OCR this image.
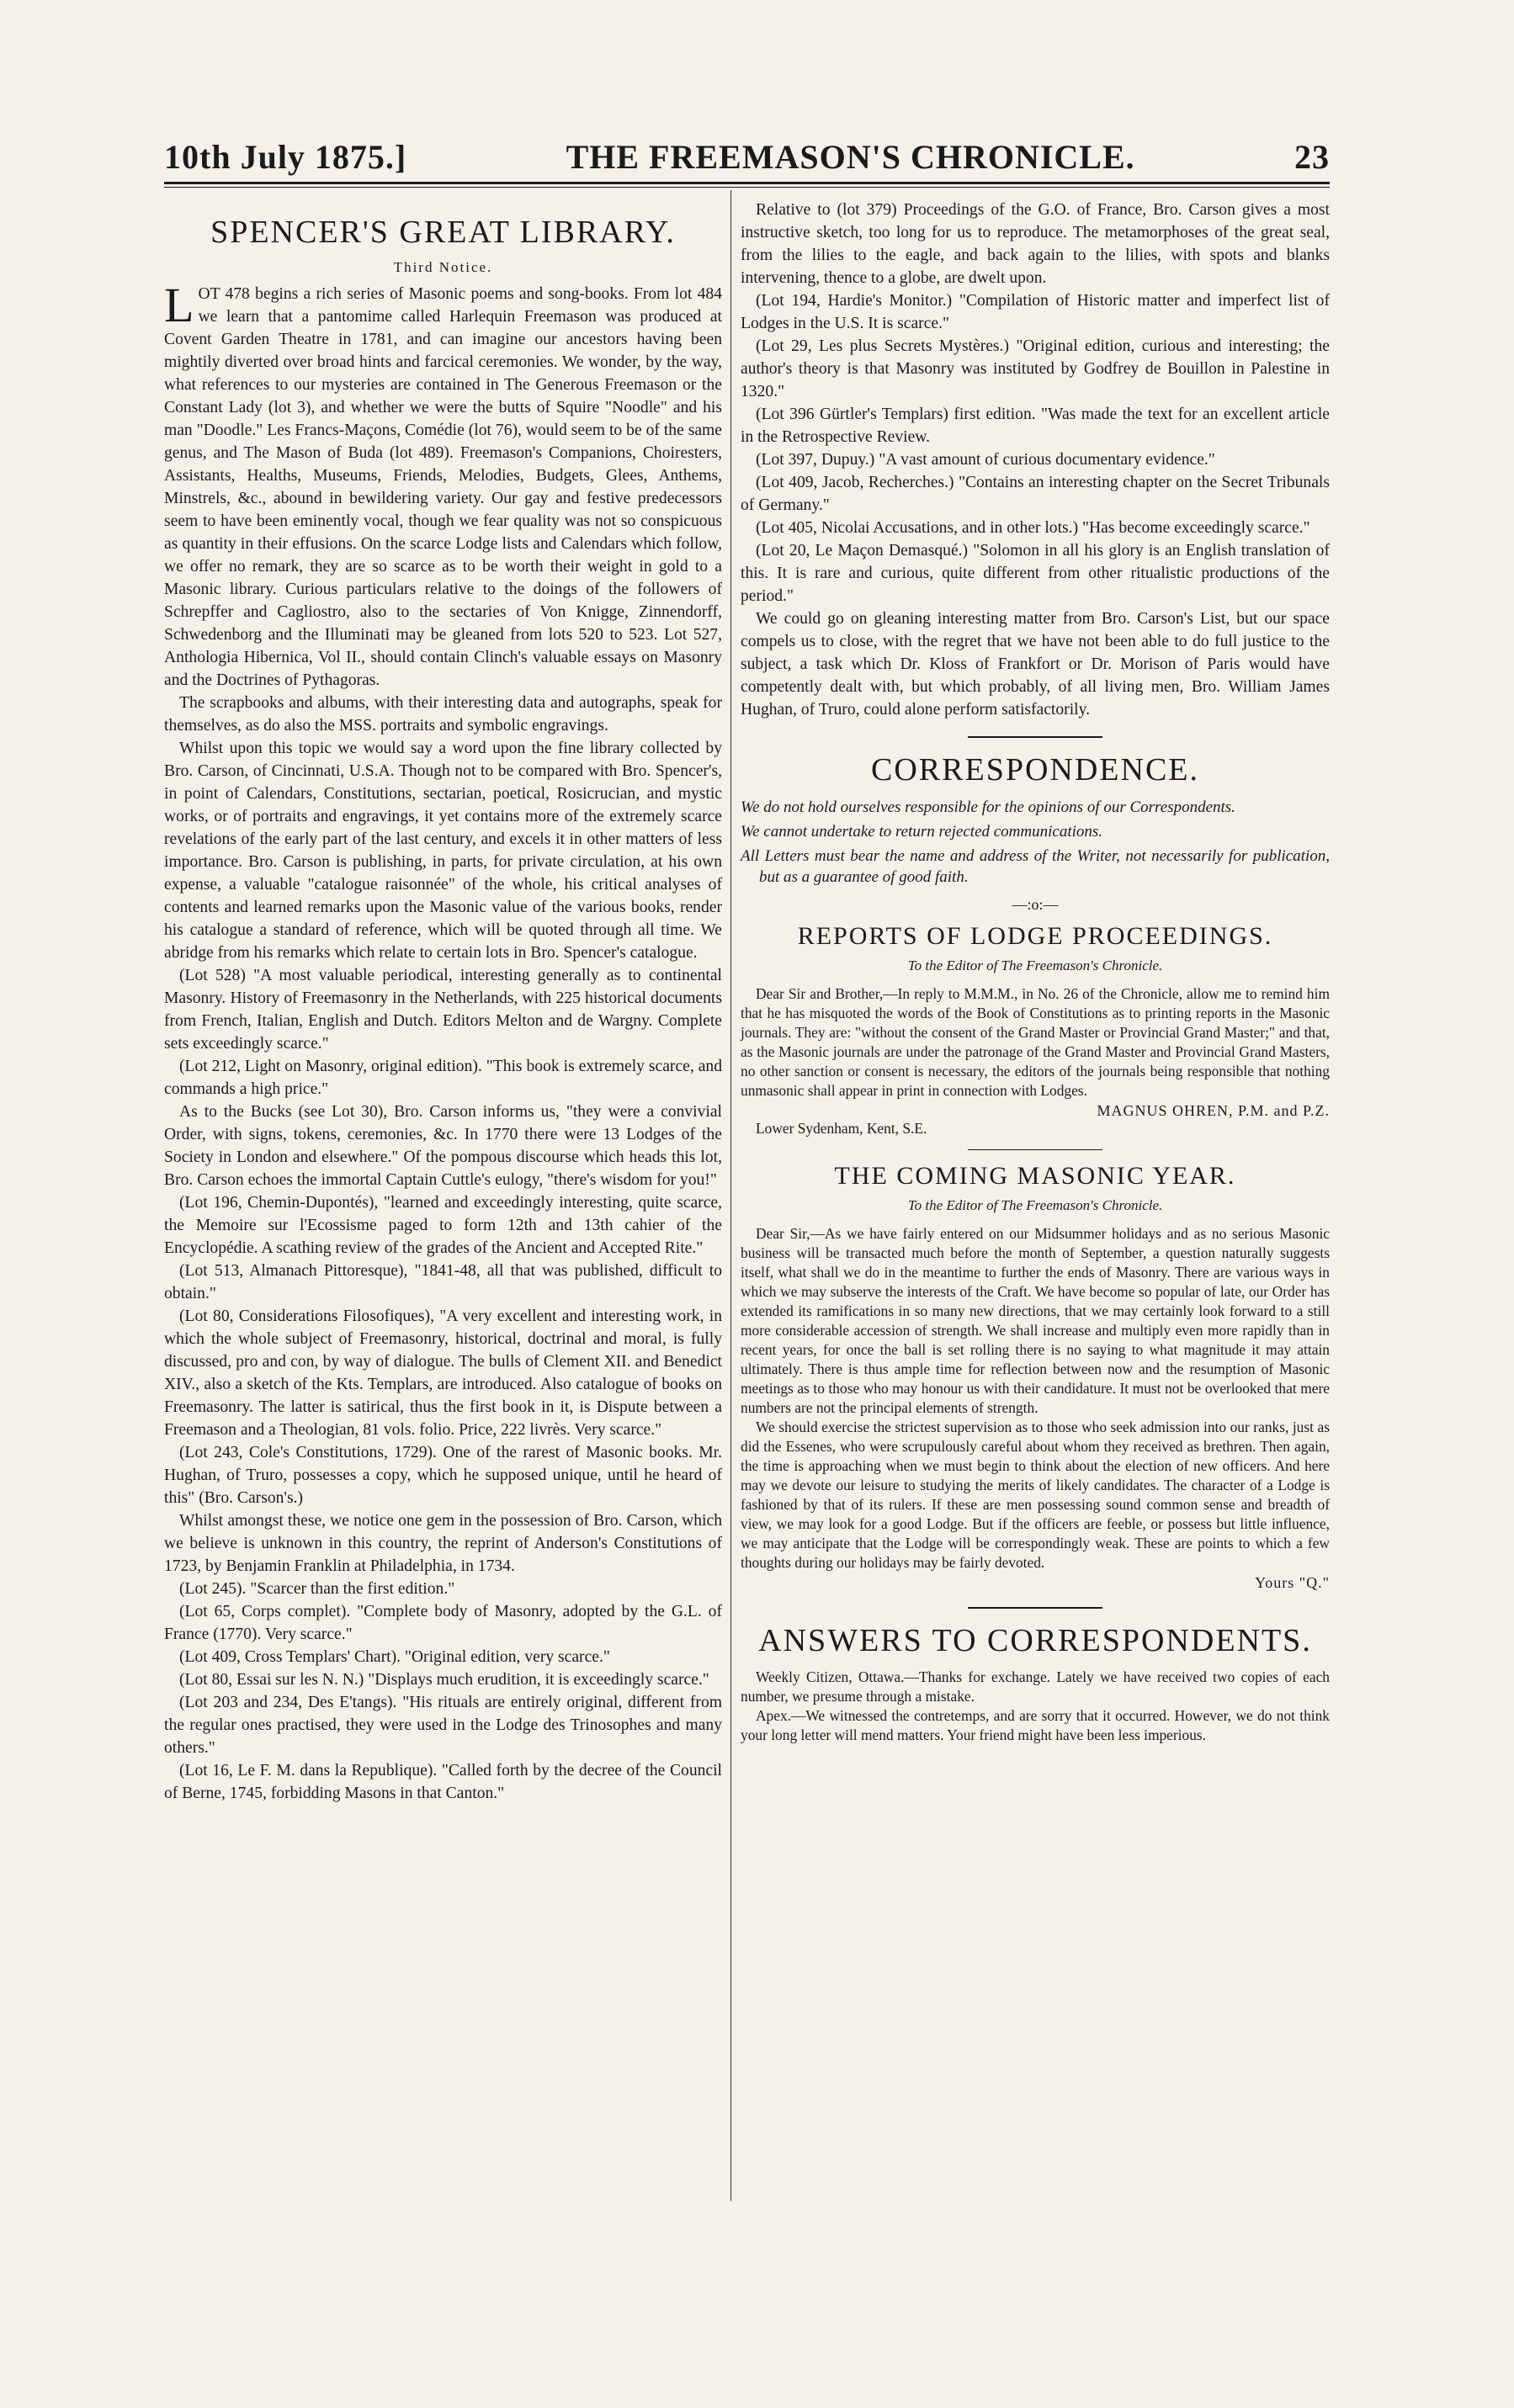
10th July 1875.]	THE FREEMASON'S CHRONICLE.	23
SPENCER'S GREAT LIBRARY.
Third Notice.

LOT 478 begins a rich series of Masonic poems and song-books. From lot 484 we learn that a pantomime called Harlequin Freemason was produced at Covent Garden Theatre in 1781, and can imagine our ancestors having been mightily diverted over broad hints and farcical ceremonies. We wonder, by the way, what references to our mysteries are contained in The Generous Freemason or the Constant Lady (lot 3), and whether we were the butts of Squire "Noodle" and his man "Doodle." Les Francs-Maçons, Comédie (lot 76), would seem to be of the same genus, and The Mason of Buda (lot 489). Freemason's Companions, Choiresters, Assistants, Healths, Museums, Friends, Melodies, Budgets, Glees, Anthems, Minstrels, &c., abound in bewildering variety. Our gay and festive predecessors seem to have been eminently vocal, though we fear quality was not so conspicuous as quantity in their effusions. On the scarce Lodge lists and Calendars which follow, we offer no remark, they are so scarce as to be worth their weight in gold to a Masonic library. Curious particulars relative to the doings of the followers of Schrepffer and Cagliostro, also to the sectaries of Von Knigge, Zinnendorff, Schwedenborg and the Illuminati may be gleaned from lots 520 to 523. Lot 527, Anthologia Hibernica, Vol II., should contain Clinch's valuable essays on Masonry and the Doctrines of Pythagoras.

The scrapbooks and albums, with their interesting data and autographs, speak for themselves, as do also the MSS. portraits and symbolic engravings.

Whilst upon this topic we would say a word upon the fine library collected by Bro. Carson, of Cincinnati, U.S.A. Though not to be compared with Bro. Spencer's, in point of Calendars, Constitutions, sectarian, poetical, Rosicrucian, and mystic works, or of portraits and engravings, it yet contains more of the extremely scarce revelations of the early part of the last century, and excels it in other matters of less importance. Bro. Carson is publishing, in parts, for private circulation, at his own expense, a valuable "catalogue raisonnée" of the whole, his critical analyses of contents and learned remarks upon the Masonic value of the various books, render his catalogue a standard of reference, which will be quoted through all time. We abridge from his remarks which relate to certain lots in Bro. Spencer's catalogue.

(Lot 528) "A most valuable periodical, interesting generally as to continental Masonry. History of Freemasonry in the Netherlands, with 225 historical documents from French, Italian, English and Dutch. Editors Melton and de Wargny. Complete sets exceedingly scarce."

(Lot 212, Light on Masonry, original edition). "This book is extremely scarce, and commands a high price."

As to the Bucks (see Lot 30), Bro. Carson informs us, "they were a convivial Order, with signs, tokens, ceremonies, &c. In 1770 there were 13 Lodges of the Society in London and elsewhere." Of the pompous discourse which heads this lot, Bro. Carson echoes the immortal Captain Cuttle's eulogy, "there's wisdom for you!"

(Lot 196, Chemin-Dupontés), "learned and exceedingly interesting, quite scarce, the Memoire sur l'Ecossisme paged to form 12th and 13th cahier of the Encyclopédie. A scathing review of the grades of the Ancient and Accepted Rite."

(Lot 513, Almanach Pittoresque), "1841-48, all that was published, difficult to obtain."

(Lot 80, Considerations Filosofiques), "A very excellent and interesting work, in which the whole subject of Freemasonry, historical, doctrinal and moral, is fully discussed, pro and con, by way of dialogue. The bulls of Clement XII. and Benedict XIV., also a sketch of the Kts. Templars, are introduced. Also catalogue of books on Freemasonry. The latter is satirical, thus the first book in it, is Dispute between a Freemason and a Theologian, 81 vols. folio. Price, 222 livrès. Very scarce."

(Lot 243, Cole's Constitutions, 1729). One of the rarest of Masonic books. Mr. Hughan, of Truro, possesses a copy, which he supposed unique, until he heard of this" (Bro. Carson's.)

Whilst amongst these, we notice one gem in the possession of Bro. Carson, which we believe is unknown in this country, the reprint of Anderson's Constitutions of 1723, by Benjamin Franklin at Philadelphia, in 1734.

(Lot 245). "Scarcer than the first edition."

(Lot 65, Corps complet). "Complete body of Masonry, adopted by the G.L. of France (1770). Very scarce."

(Lot 409, Cross Templars' Chart). "Original edition, very scarce."

(Lot 80, Essai sur les N. N.) "Displays much erudition, it is exceedingly scarce."

(Lot 203 and 234, Des E'tangs). "His rituals are entirely original, different from the regular ones practised, they were used in the Lodge des Trinosophes and many others."

(Lot 16, Le F. M. dans la Republique). "Called forth by the decree of the Council of Berne, 1745, forbidding Masons in that Canton."

Relative to (lot 379) Proceedings of the G.O. of France, Bro. Carson gives a most instructive sketch, too long for us to reproduce. The metamorphoses of the great seal, from the lilies to the eagle, and back again to the lilies, with spots and blanks intervening, thence to a globe, are dwelt upon.

(Lot 194, Hardie's Monitor.) "Compilation of Historic matter and imperfect list of Lodges in the U.S. It is scarce."

(Lot 29, Les plus Secrets Mystères.) "Original edition, curious and interesting; the author's theory is that Masonry was instituted by Godfrey de Bouillon in Palestine in 1320."

(Lot 396 Gürtler's Templars) first edition. "Was made the text for an excellent article in the Retrospective Review.

(Lot 397, Dupuy.) "A vast amount of curious documentary evidence."

(Lot 409, Jacob, Recherches.) "Contains an interesting chapter on the Secret Tribunals of Germany."

(Lot 405, Nicolai Accusations, and in other lots.) "Has become exceedingly scarce."

(Lot 20, Le Maçon Demasqué.) "Solomon in all his glory is an English translation of this. It is rare and curious, quite different from other ritualistic productions of the period."

We could go on gleaning interesting matter from Bro. Carson's List, but our space compels us to close, with the regret that we have not been able to do full justice to the subject, a task which Dr. Kloss of Frankfort or Dr. Morison of Paris would have competently dealt with, but which probably, of all living men, Bro. William James Hughan, of Truro, could alone perform satisfactorily.

CORRESPONDENCE.

We do not hold ourselves responsible for the opinions of our Correspondents.

We cannot undertake to return rejected communications.

All Letters must bear the name and address of the Writer, not necessarily for publication, but as a guarantee of good faith.

—:o:—
REPORTS OF LODGE PROCEEDINGS.
To the Editor of The Freemason's Chronicle.

Dear Sir and Brother,—In reply to M.M.M., in No. 26 of the Chronicle, allow me to remind him that he has misquoted the words of the Book of Constitutions as to printing reports in the Masonic journals. They are: "without the consent of the Grand Master or Provincial Grand Master;" and that, as the Masonic journals are under the patronage of the Grand Master and Provincial Grand Masters, no other sanction or consent is necessary, the editors of the journals being responsible that nothing unmasonic shall appear in print in connection with Lodges.

MAGNUS OHREN, P.M. and P.Z.
Lower Sydenham, Kent, S.E.
THE COMING MASONIC YEAR.
To the Editor of The Freemason's Chronicle.

Dear Sir,—As we have fairly entered on our Midsummer holidays and as no serious Masonic business will be transacted much before the month of September, a question naturally suggests itself, what shall we do in the meantime to further the ends of Masonry. There are various ways in which we may subserve the interests of the Craft. We have become so popular of late, our Order has extended its ramifications in so many new directions, that we may certainly look forward to a still more considerable accession of strength. We shall increase and multiply even more rapidly than in recent years, for once the ball is set rolling there is no saying to what magnitude it may attain ultimately. There is thus ample time for reflection between now and the resumption of Masonic meetings as to those who may honour us with their candidature. It must not be overlooked that mere numbers are not the principal elements of strength.

We should exercise the strictest supervision as to those who seek admission into our ranks, just as did the Essenes, who were scrupulously careful about whom they received as brethren. Then again, the time is approaching when we must begin to think about the election of new officers. And here may we devote our leisure to studying the merits of likely candidates. The character of a Lodge is fashioned by that of its rulers. If these are men possessing sound common sense and breadth of view, we may look for a good Lodge. But if the officers are feeble, or possess but little influence, we may anticipate that the Lodge will be correspondingly weak. These are points to which a few thoughts during our holidays may be fairly devoted.

Yours "Q."
ANSWERS TO CORRESPONDENTS.

Weekly Citizen, Ottawa.—Thanks for exchange. Lately we have received two copies of each number, we presume through a mistake.

Apex.—We witnessed the contretemps, and are sorry that it occurred. However, we do not think your long letter will mend matters. Your friend might have been less imperious.
